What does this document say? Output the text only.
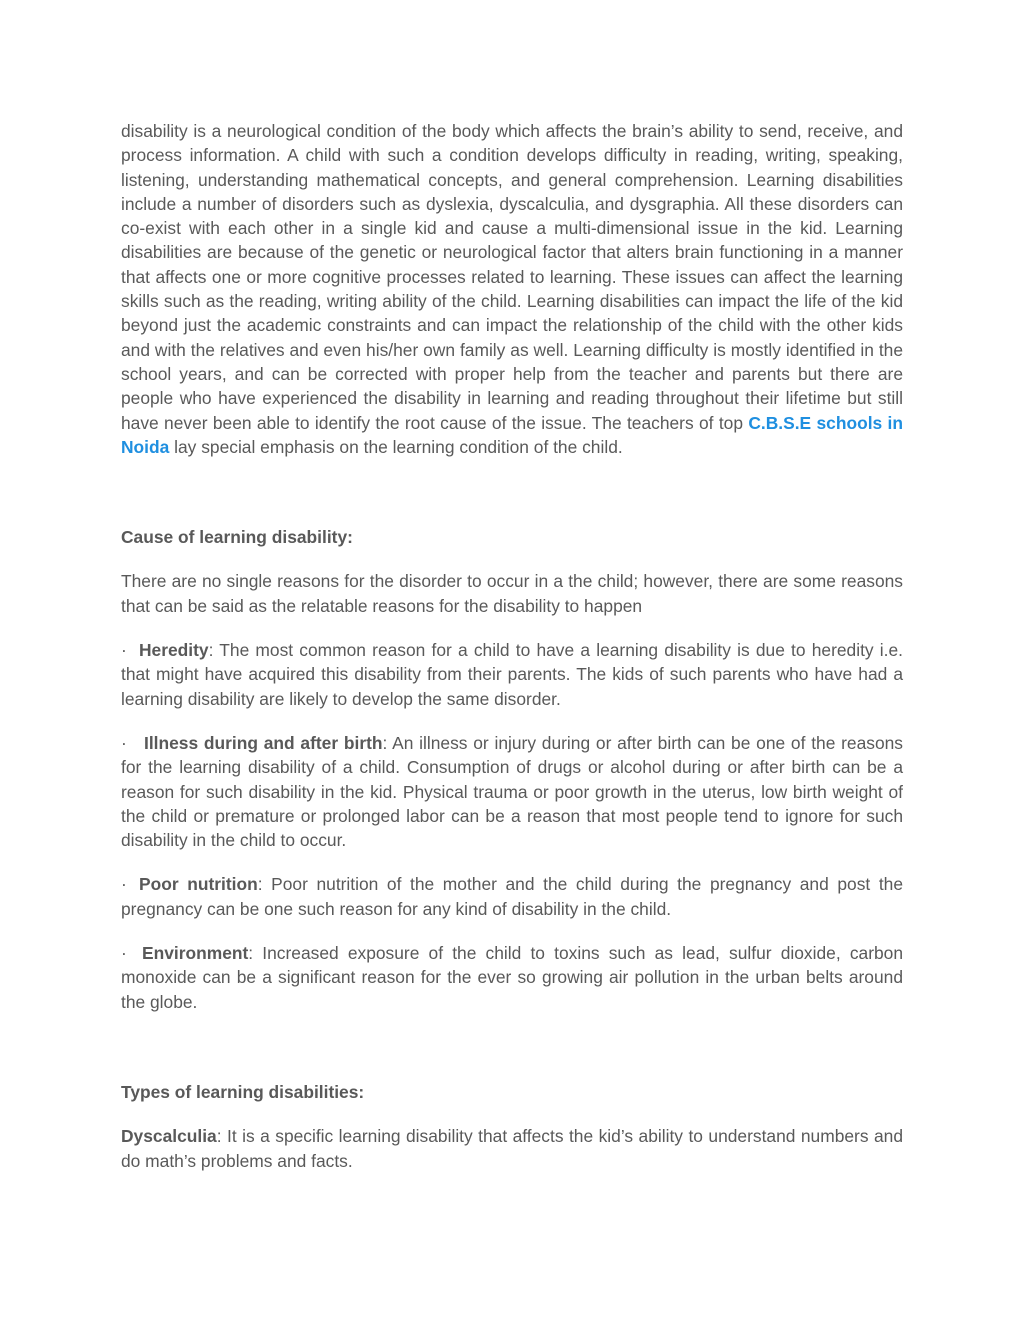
disability is a neurological condition of the body which affects the brain’s ability to send, receive, and process information. A child with such a condition develops difficulty in reading, writing, speaking, listening, understanding mathematical concepts, and general comprehension. Learning disabilities include a number of disorders such as dyslexia, dyscalculia, and dysgraphia. All these disorders can co-exist with each other in a single kid and cause a multi-dimensional issue in the kid. Learning disabilities are because of the genetic or neurological factor that alters brain functioning in a manner that affects one or more cognitive processes related to learning. These issues can affect the learning skills such as the reading, writing ability of the child. Learning disabilities can impact the life of the kid beyond just the academic constraints and can impact the relationship of the child with the other kids and with the relatives and even his/her own family as well. Learning difficulty is mostly identified in the school years, and can be corrected with proper help from the teacher and parents but there are people who have experienced the disability in learning and reading throughout their lifetime but still have never been able to identify the root cause of the issue. The teachers of top C.B.S.E schools in Noida lay special emphasis on the learning condition of the child.

Cause of learning disability:

There are no single reasons for the disorder to occur in a the child; however, there are some reasons that can be said as the relatable reasons for the disability to happen

· Heredity: The most common reason for a child to have a learning disability is due to heredity i.e. that might have acquired this disability from their parents. The kids of such parents who have had a learning disability are likely to develop the same disorder.

· Illness during and after birth: An illness or injury during or after birth can be one of the reasons for the learning disability of a child. Consumption of drugs or alcohol during or after birth can be a reason for such disability in the kid. Physical trauma or poor growth in the uterus, low birth weight of the child or premature or prolonged labor can be a reason that most people tend to ignore for such disability in the child to occur.

· Poor nutrition: Poor nutrition of the mother and the child during the pregnancy and post the pregnancy can be one such reason for any kind of disability in the child.

· Environment: Increased exposure of the child to toxins such as lead, sulfur dioxide, carbon monoxide can be a significant reason for the ever so growing air pollution in the urban belts around the globe.

Types of learning disabilities:

Dyscalculia: It is a specific learning disability that affects the kid’s ability to understand numbers and do math’s problems and facts.
